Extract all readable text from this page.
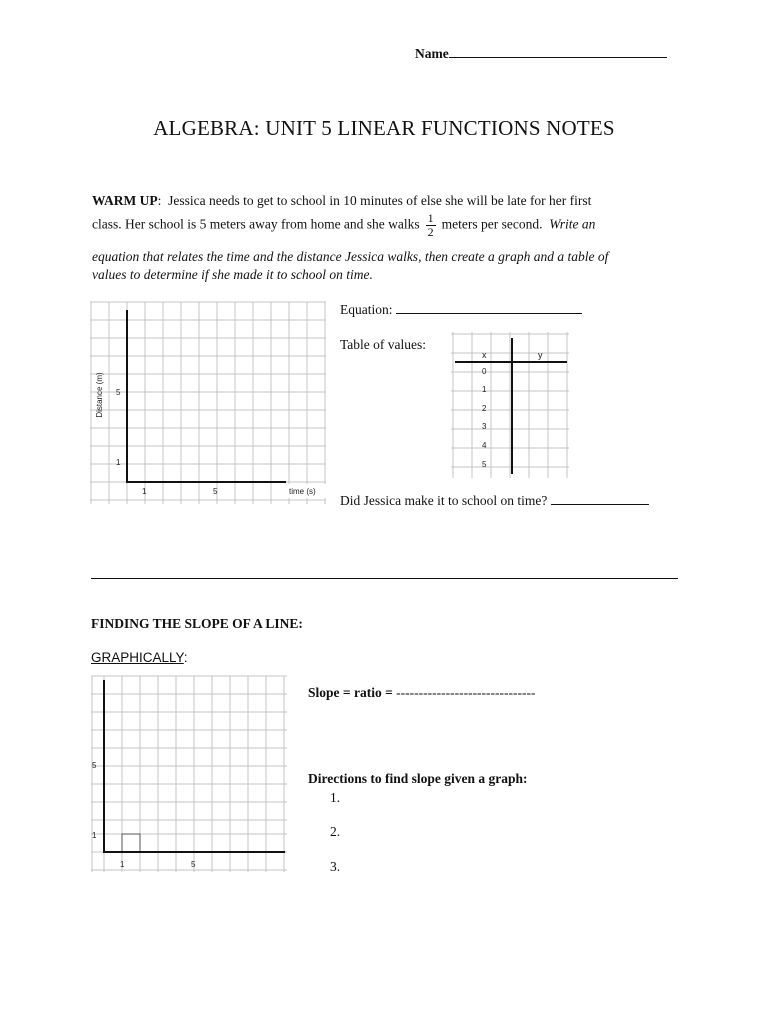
Name
ALGEBRA: UNIT 5 LINEAR FUNCTIONS NOTES
WARM UP:  Jessica needs to get to school in 10 minutes of else she will be late for her first
class. Her school is 5 meters away from home and she walks $\frac{1}{2}$ meters per second. Write an
equation that relates the time and the distance Jessica walks, then create a graph and a table of
values to determine if she made it to school on time.
Distance (m) 5
1
1	5	time (s)
Equation:
Table of values:
x	y
0
1
2
3
4
5
Did Jessica make it to school on time?
FINDING THE SLOPE OF A LINE:
GRAPHICALLY:
5
1
1	5
Slope = ratio = -------------------------------
Directions to find slope given a graph:
1.
2.
3.
